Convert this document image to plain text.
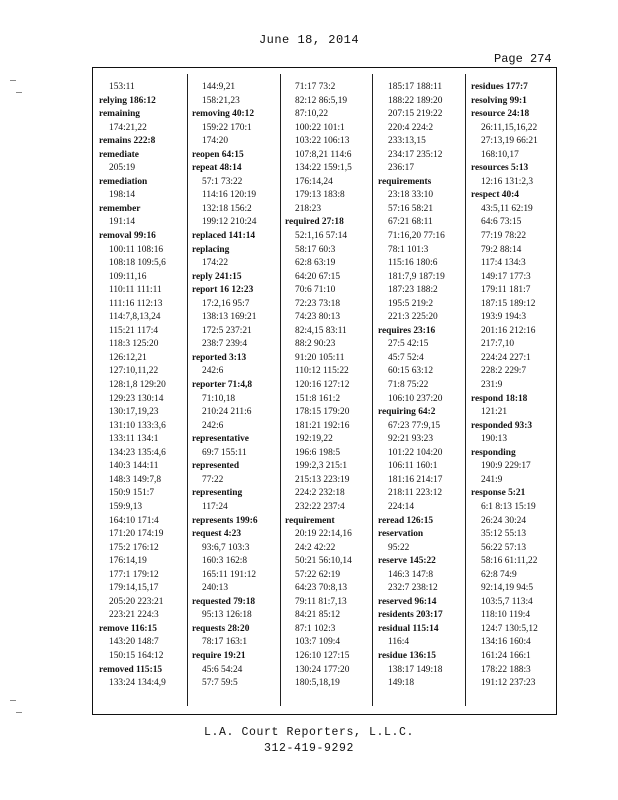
June 18, 2014
Page 274
153:11
relying 186:12
remaining
174:21,22
remains 222:8
remediate
205:19
remediation
198:14
remember
191:14
removal 99:16
100:11 108:16
108:18 109:5,6
109:11,16
110:11 111:11
111:16 112:13
114:7,8,13,24
115:21 117:4
118:3 125:20
126:12,21
127:10,11,22
128:1,8 129:20
129:23 130:14
130:17,19,23
131:10 133:3,6
133:11 134:1
134:23 135:4,6
140:3 144:11
148:3 149:7,8
150:9 151:7
159:9,13
164:10 171:4
171:20 174:19
175:2 176:12
176:14,19
177:1 179:12
179:14,15,17
205:20 223:21
223:21 224:3
remove 116:15
143:20 148:7
150:15 164:12
removed 115:15
133:24 134:4,9
144:9,21
158:21,23
removing 40:12
159:22 170:1
174:20
reopen 64:15
repeat 48:14
57:1 73:22
114:16 120:19
132:18 156:2
199:12 210:24
replaced 141:14
replacing
174:22
reply 241:15
report 16 12:23
17:2,16 95:7
138:13 169:21
172:5 237:21
238:7 239:4
reported 3:13
242:6
reporter 71:4,8
71:10,18
210:24 211:6
242:6
representative
69:7 155:11
represented
77:22
representing
117:24
represents 199:6
request 4:23
93:6,7 103:3
160:3 162:8
165:11 191:12
240:13
requested 79:18
95:13 126:18
requests 28:20
78:17 163:1
require 19:21
45:6 54:24
57:7 59:5
71:17 73:2
82:12 86:5,19
87:10,22
100:22 101:1
103:22 106:13
107:8,21 114:6
134:22 159:1,5
176:14,24
179:13 183:8
218:23
required 27:18
52:1,16 57:14
58:17 60:3
62:8 63:19
64:20 67:15
70:6 71:10
72:23 73:18
74:23 80:13
82:4,15 83:11
88:2 90:23
91:20 105:11
110:12 115:22
120:16 127:12
151:8 161:2
178:15 179:20
181:21 192:16
192:19,22
196:6 198:5
199:2,3 215:1
215:13 223:19
224:2 232:18
232:22 237:4
requirement
20:19 22:14,16
24:2 42:22
50:21 56:10,14
57:22 62:19
64:23 70:8,13
79:11 81:7,13
84:21 85:12
87:1 102:3
103:7 109:4
126:10 127:15
130:24 177:20
180:5,18,19
185:17 188:11
188:22 189:20
207:15 219:22
220:4 224:2
233:13,15
234:17 235:12
236:17
requirements
23:18 33:10
57:16 58:21
67:21 68:11
71:16,20 77:16
78:1 101:3
115:16 180:6
181:7,9 187:19
187:23 188:2
195:5 219:2
221:3 225:20
requires 23:16
27:5 42:15
45:7 52:4
60:15 63:12
71:8 75:22
106:10 237:20
requiring 64:2
67:23 77:9,15
92:21 93:23
101:22 104:20
106:11 160:1
181:16 214:17
218:11 223:12
224:14
reread 126:15
reservation
95:22
reserve 145:22
146:3 147:8
232:7 238:12
reserved 96:14
residents 203:17
residual 115:14
116:4
residue 136:15
138:17 149:18
149:18
residues 177:7
resolving 99:1
resource 24:18
26:11,15,16,22
27:13,19 66:21
168:10,17
resources 5:13
12:16 131:2,3
respect 40:4
43:5,11 62:19
64:6 73:15
77:19 78:22
79:2 88:14
117:4 134:3
149:17 177:3
179:11 181:7
187:15 189:12
193:9 194:3
201:16 212:16
217:7,10
224:24 227:1
228:2 229:7
231:9
respond 18:18
121:21
responded 93:3
190:13
responding
190:9 229:17
241:9
response 5:21
6:1 8:13 15:19
26:24 30:24
35:12 55:13
56:22 57:13
58:16 61:11,22
62:8 74:9
92:14,19 94:5
103:5,7 113:4
118:10 119:4
124:7 130:5,12
134:16 160:4
161:24 166:1
178:22 188:3
191:12 237:23
L.A. Court Reporters, L.L.C.
312-419-9292
